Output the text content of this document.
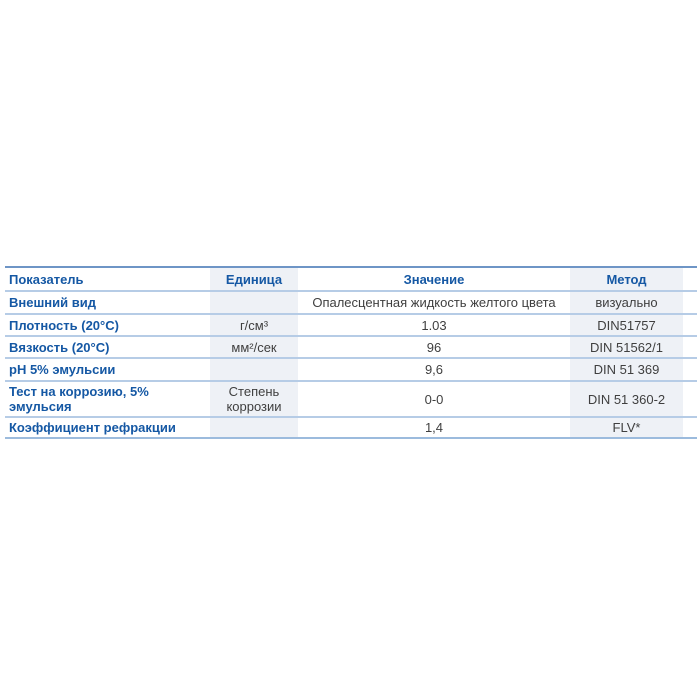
Показатель	Единица	Значение	Метод	
Внешний вид		Опалесцентная жидкость желтого цвета	визуально	
Плотность (20°C)	г/см³	1.03	DIN51757	
Вязкость (20°C)	мм²/сек	96	DIN 51562/1	
pH 5% эмульсии		9,6	DIN 51 369	
Тест на коррозию, 5% эмульсия	Степень коррозии	0-0	DIN 51 360-2	
Коэффициент рефракции		1,4	FLV*	
